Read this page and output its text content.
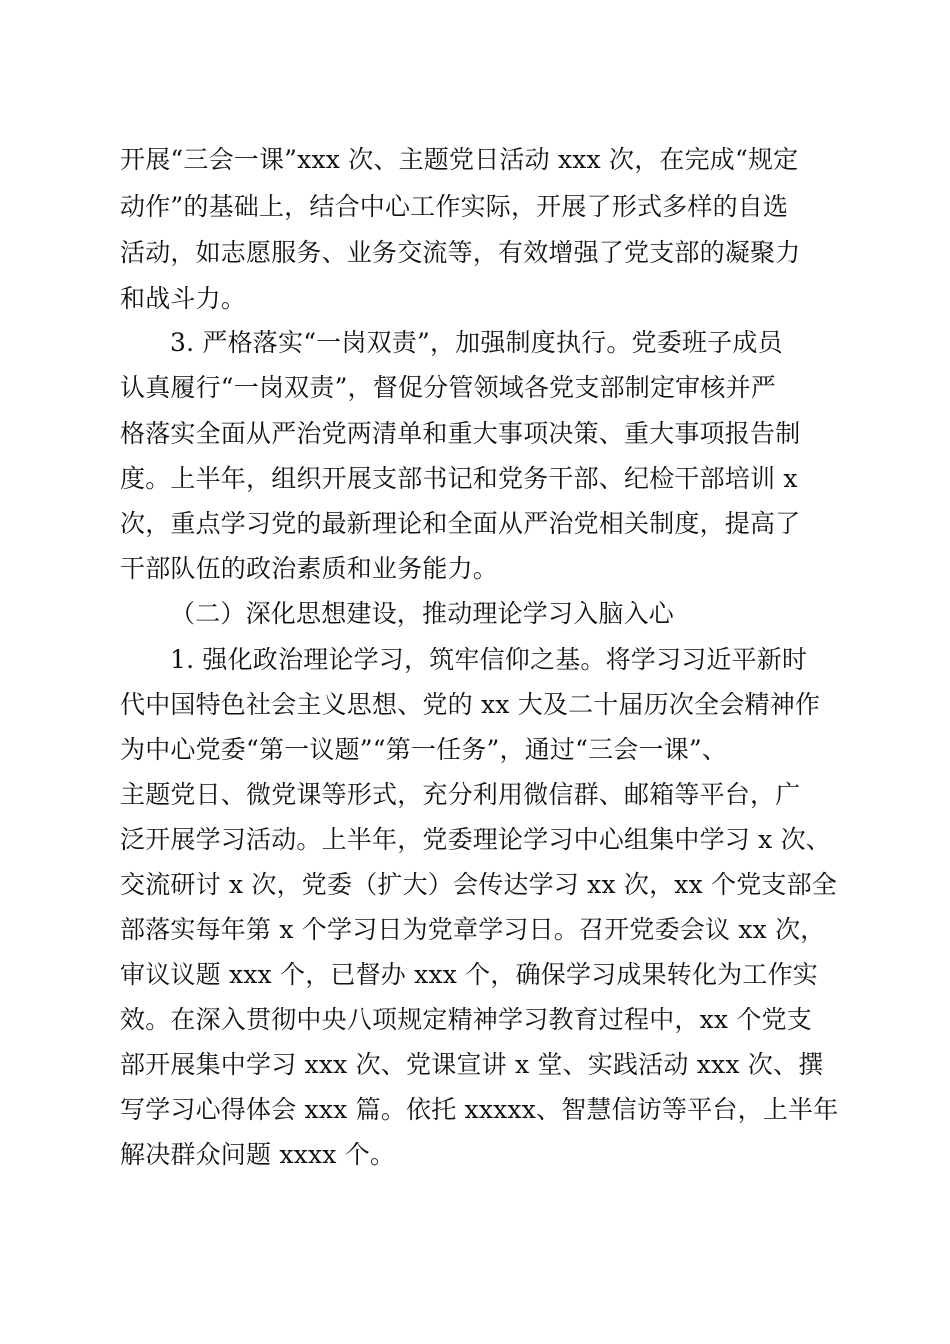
开展“三会一课”xxx 次、主题党日活动 xxx 次，在完成“规定
动作”的基础上，结合中心工作实际，开展了形式多样的自选
活动，如志愿服务、业务交流等，有效增强了党支部的凝聚力
和战斗力。
3. 严格落实“一岗双责”，加强制度执行。党委班子成员
认真履行“一岗双责”，督促分管领域各党支部制定审核并严
格落实全面从严治党两清单和重大事项决策、重大事项报告制
度。上半年，组织开展支部书记和党务干部、纪检干部培训 x
次，重点学习党的最新理论和全面从严治党相关制度，提高了
干部队伍的政治素质和业务能力。
（二）深化思想建设，推动理论学习入脑入心
1. 强化政治理论学习，筑牢信仰之基。将学习习近平新时
代中国特色社会主义思想、党的 xx 大及二十届历次全会精神作
为中心党委“第一议题”“第一任务”，通过“三会一课”、
主题党日、微党课等形式，充分利用微信群、邮箱等平台，广
泛开展学习活动。上半年，党委理论学习中心组集中学习 x 次、
交流研讨 x 次，党委（扩大）会传达学习 xx 次，xx 个党支部全
部落实每年第 x 个学习日为党章学习日。召开党委会议 xx 次，
审议议题 xxx 个，已督办 xxx 个，确保学习成果转化为工作实
效。在深入贯彻中央八项规定精神学习教育过程中，xx 个党支
部开展集中学习 xxx 次、党课宣讲 x 堂、实践活动 xxx 次、撰
写学习心得体会 xxx 篇。依托 xxxxx、智慧信访等平台，上半年
解决群众问题 xxxx 个。
